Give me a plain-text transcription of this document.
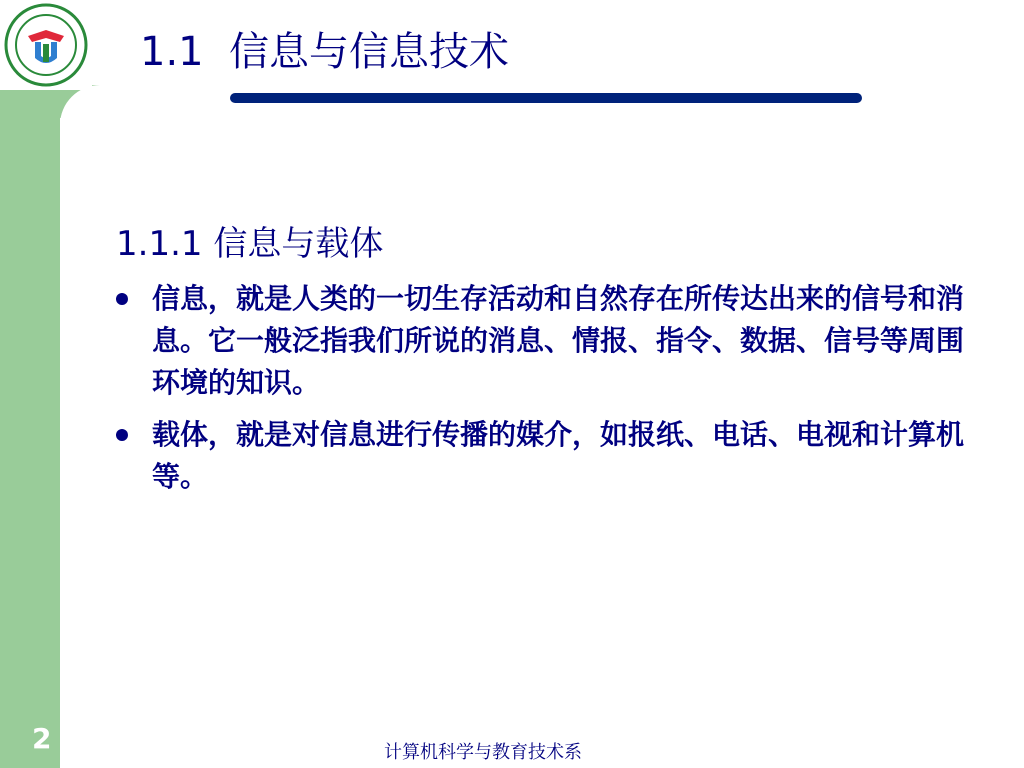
1.1  信息与信息技术
1.1.1 信息与载体
信息，就是人类的一切生存活动和自然存在所传达出来的信号和消息。它一般泛指我们所说的消息、情报、指令、数据、信号等周围环境的知识。
载体，就是对信息进行传播的媒介，如报纸、电话、电视和计算机等。
2	计算机科学与教育技术系
